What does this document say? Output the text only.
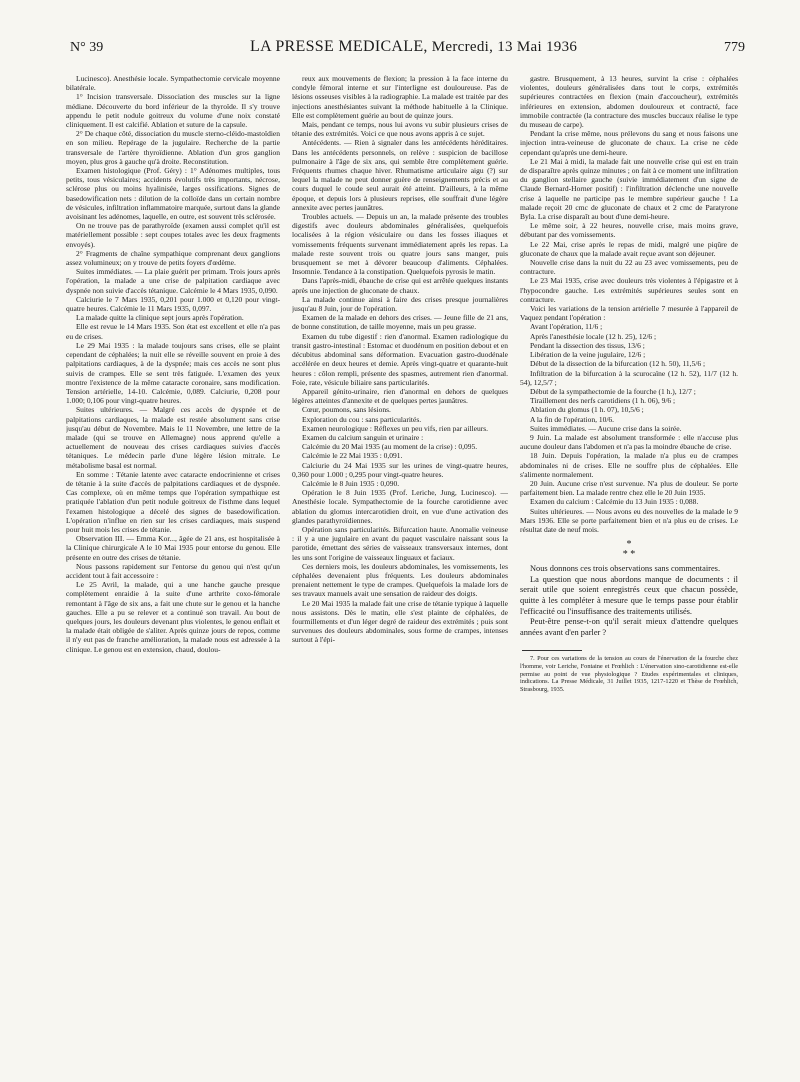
N° 39	LA PRESSE MEDICALE, Mercredi, 13 Mai 1936	779

Lucinesco). Anesthésie locale. Sympathectomie cervicale moyenne bilatérale.

1° Incision transversale. Dissociation des muscles sur la ligne médiane. Découverte du bord inférieur de la thyroïde. Il s'y trouve appendu le petit nodule goitreux du volume d'une noix constaté cliniquement. Il est calcifié. Ablation et suture de la capsule.

2° De chaque côté, dissociation du muscle sterno-cléido-mastoïdien en son milieu. Repérage de la jugulaire. Recherche de la partie transversale de l'artère thyroïdienne. Ablation d'un gros ganglion moyen, plus gros à gauche qu'à droite. Reconstitution.

Examen histologique (Prof. Géry) : 1° Adénomes multiples, tous petits, tous vésiculaires; accidents évolutifs très importants, nécrose, sclérose plus ou moins hyalinisée, larges ossifications. Signes de basedowification nets : dilution de la colloïde dans un certain nombre de vésicules, infiltration inflammatoire marquée, surtout dans la glande avoisinant les adénomes, laquelle, en outre, est souvent très sclérosée.

On ne trouve pas de parathyroïde (examen aussi complet qu'il est matériellement possible : sept coupes totales avec les deux fragments envoyés).

2° Fragments de chaîne sympathique comprenant deux ganglions assez volumineux; on y trouve de petits foyers d'œdème.

Suites immédiates. — La plaie guérit per primam. Trois jours après l'opération, la malade a une crise de palpitation cardiaque avec dyspnée non suivie d'accès tétanique. Calcémie le 4 Mars 1935, 0,090.

Calciurie le 7 Mars 1935, 0,201 pour 1.000 et 0,120 pour vingt-quatre heures. Calcémie le 11 Mars 1935, 0,097.

La malade quitte la clinique sept jours après l'opération.

Elle est revue le 14 Mars 1935. Son état est excellent et elle n'a pas eu de crises.

Le 29 Mai 1935 : la malade toujours sans crises, elle se plaint cependant de céphalées; la nuit elle se réveille souvent en proie à des palpitations cardiaques, à de la dyspnée; mais ces accès ne sont plus suivis de crampes. Elle se sent très fatiguée. L'examen des yeux montre l'existence de la même cataracte coronaire, sans modification. Tension artérielle, 14-10. Calcémie, 0,089. Calciurie, 0,208 pour 1.000; 0,106 pour vingt-quatre heures.

Suites ultérieures. — Malgré ces accès de dyspnée et de palpitations cardiaques, la malade est restée absolument sans crise jusqu'au début de Novembre. Mais le 11 Novembre, une lettre de la malade (qui se trouve en Allemagne) nous apprend qu'elle a actuellement de nouveau des crises cardiaques suivies d'accès tétaniques. Le médecin parle d'une légère lésion mitrale. Le métabolisme basal est normal.

En somme : Tétanie latente avec cataracte endocrinienne et crises de tétanie à la suite d'accès de palpitations cardiaques et de dyspnée. Cas complexe, où en même temps que l'opération sympathique est pratiquée l'ablation d'un petit nodule goitreux de l'isthme dans lequel l'examen histologique a décelé des signes de basedowification. L'opération n'influe en rien sur les crises cardiaques, mais suspend pour huit mois les crises de tétanie.

Observation III. — Emma Kor..., âgée de 21 ans, est hospitalisée à la Clinique chirurgicale A le 10 Mai 1935 pour entorse du genou. Elle présente en outre des crises de tétanie.

Nous passons rapidement sur l'entorse du genou qui n'est qu'un accident tout à fait accessoire :

Le 25 Avril, la malade, qui a une hanche gauche presque complètement enraidie à la suite d'une arthrite coxo-fémorale remontant à l'âge de six ans, a fait une chute sur le genou et la hanche gauches. Elle a pu se relever et a continué son travail. Au bout de quelques jours, les douleurs devenant plus violentes, le genou enflait et la malade était obligée de s'aliter. Après quinze jours de repos, comme il n'y eut pas de franche amélioration, la malade nous est adressée à la clinique. Le genou est en extension, chaud, doulou-

reux aux mouvements de flexion; la pression à la face interne du condyle fémoral interne et sur l'interligne est douloureuse. Pas de lésions osseuses visibles à la radiographie. La malade est traitée par des injections anesthésiantes suivant la méthode habituelle à la Clinique. Elle est complètement guérie au bout de quinze jours.

Mais, pendant ce temps, nous lui avons vu subir plusieurs crises de tétanie des extrémités. Voici ce que nous avons appris à ce sujet.

Antécédents. — Rien à signaler dans les antécédents héréditaires. Dans les antécédents personnels, on relève : suspicion de bacillose pulmonaire à l'âge de six ans, qui semble être complètement guérie. Fréquents rhumes chaque hiver. Rhumatisme articulaire aigu (?) sur lequel la malade ne peut donner guère de renseignements précis et au cours duquel le coude seul aurait été atteint. D'ailleurs, à la même époque, et depuis lors à plusieurs reprises, elle souffrait d'une légère annexite avec pertes jaunâtres.

Troubles actuels. — Depuis un an, la malade présente des troubles digestifs avec douleurs abdominales généralisées, quelquefois localisées à la région vésiculaire ou dans les fosses iliaques et vomissements fréquents survenant immédiatement après les repas. La malade reste souvent trois ou quatre jours sans manger, puis brusquement se met à dévorer beaucoup d'aliments. Céphalées. Insomnie. Tendance à la constipation. Quelquefois pyrosis le matin.

Dans l'après-midi, ébauche de crise qui est arrêtée quelques instants après une injection de gluconate de chaux.

La malade continue ainsi à faire des crises presque journalières jusqu'au 8 Juin, jour de l'opération.

Examen de la malade en dehors des crises. — Jeune fille de 21 ans, de bonne constitution, de taille moyenne, mais un peu grasse.

Examen du tube digestif : rien d'anormal. Examen radiologique du transit gastro-intestinal : Estomac et duodénum en position debout et en décubitus abdominal sans déformation. Evacuation gastro-duodénale accélérée en deux heures et demie. Après vingt-quatre et quarante-huit heures : côlon rempli, présente des spasmes, autrement rien d'anormal. Foie, rate, vésicule biliaire sans particularités.

Appareil génito-urinaire, rien d'anormal en dehors de quelques légères atteintes d'annexite et de quelques pertes jaunâtres.

Cœur, poumons, sans lésions.

Exploration du cou : sans particularités.

Examen neurologique : Réflexes un peu vifs, rien par ailleurs.

Examen du calcium sanguin et urinaire :

Calcémie du 20 Mai 1935 (au moment de la crise) : 0,095.

Calcémie le 22 Mai 1935 : 0,091.

Calciurie du 24 Mai 1935 sur les urines de vingt-quatre heures, 0,360 pour 1.000 ; 0,295 pour vingt-quatre heures.

Calcémie le 8 Juin 1935 : 0,090.

Opération le 8 Juin 1935 (Prof. Leriche, Jung, Lucinesco). — Anesthésie locale. Sympathectomie de la fourche carotidienne avec ablation du glomus intercarotidien droit, en vue d'une activation des glandes parathyroïdiennes.

Opération sans particularités. Bifurcation haute. Anomalie veineuse : il y a une jugulaire en avant du paquet vasculaire naissant sous la parotide, émettant des séries de vaisseaux transversaux internes, dont les uns sont l'origine de vaisseaux linguaux et faciaux.

Ces derniers mois, les douleurs abdominales, les vomissements, les céphalées devenaient plus fréquents. Les douleurs abdominales prenaient nettement le type de crampes. Quelquefois la malade lors de ses travaux manuels avait une sensation de raideur des doigts.

Le 20 Mai 1935 la malade fait une crise de tétanie typique à laquelle nous assistons. Dès le matin, elle s'est plainte de céphalées, de fourmillements et d'un léger degré de raideur des extrémités ; puis sont survenues des douleurs abdominales, sous forme de crampes, intenses surtout à l'épi-

gastre. Brusquement, à 13 heures, survint la crise : céphalées violentes, douleurs généralisées dans tout le corps, extrémités supérieures contractées en flexion (main d'accoucheur), extrémités inférieures en extension, abdomen douloureux et contracté, face immobile contractée (la contracture des muscles buccaux réalise le type du museau de carpe).

Pendant la crise même, nous prélevons du sang et nous faisons une injection intra-veineuse de gluconate de chaux. La crise ne cède cependant qu'après une demi-heure.

Le 21 Mai à midi, la malade fait une nouvelle crise qui est en train de disparaître après quinze minutes ; on fait à ce moment une infiltration du ganglion stellaire gauche (suivie immédiatement d'un signe de Claude Bernard-Horner positif) : l'infiltration déclenche une nouvelle crise à laquelle ne participe pas le membre supérieur gauche ! La malade reçoit 20 cmc de gluconate de chaux et 2 cmc de Paratyrone Byla. La crise disparaît au bout d'une demi-heure.

Le même soir, à 22 heures, nouvelle crise, mais moins grave, débutant par des vomissements.

Le 22 Mai, crise après le repas de midi, malgré une piqûre de gluconate de chaux que la malade avait reçue avant son déjeuner.

Nouvelle crise dans la nuit du 22 au 23 avec vomissements, peu de contracture.

Le 23 Mai 1935, crise avec douleurs très violentes à l'épigastre et à l'hypocondre gauche. Les extrémités supérieures seules sont en contracture.

Voici les variations de la tension artérielle 7 mesurée à l'appareil de Vaquez pendant l'opération :

Avant l'opération, 11/6 ;

Après l'anesthésie locale (12 h. 25), 12/6 ;

Pendant la dissection des tissus, 13/6 ;

Libération de la veine jugulaire, 12/6 ;

Début de la dissection de la bifurcation (12 h. 50), 11,5/6 ;

Infiltration de la bifurcation à la scurocaïne (12 h. 52), 11/7 (12 h. 54), 12,5/7 ;

Début de la sympathectomie de la fourche (1 h.), 12/7 ;

Tiraillement des nerfs carotidiens (1 h. 06), 9/6 ;

Ablation du glomus (1 h. 07), 10,5/6 ;

A la fin de l'opération, 10/6.

Suites immédiates. — Aucune crise dans la soirée.

9 Juin. La malade est absolument transformée : elle n'accuse plus aucune douleur dans l'abdomen et n'a pas la moindre ébauche de crise.

18 Juin. Depuis l'opération, la malade n'a plus eu de crampes abdominales ni de crises. Elle ne souffre plus de céphalées. Elle s'alimente normalement.

20 Juin. Aucune crise n'est survenue. N'a plus de douleur. Se porte parfaitement bien. La malade rentre chez elle le 20 Juin 1935.

Examen du calcium : Calcémie du 13 Juin 1935 : 0,088.

Suites ultérieures. — Nous avons eu des nouvelles de la malade le 9 Mars 1936. Elle se porte parfaitement bien et n'a plus eu de crises. Le résultat date de neuf mois.

*
* *

Nous donnons ces trois observations sans commentaires.

La question que nous abordons manque de documents : il serait utile que soient enregistrés ceux que chacun possède, quitte à les compléter à mesure que le temps passe pour établir l'efficacité ou l'insuffisance des traitements utilisés.

Peut-être pense-t-on qu'il serait mieux d'attendre quelques années avant d'en parler ?

7. Pour ces variations de la tension au cours de l'énervation de la fourche chez l'homme, voir Leriche, Fontaine et Frœhlich : L'énervation sino-carotidienne est-elle permise au point de vue physiologique ? Etudes expérimentales et cliniques, indications. La Presse Médicale, 31 Juillet 1935, 1217-1220 et Thèse de Frœhlich, Strasbourg, 1935.
